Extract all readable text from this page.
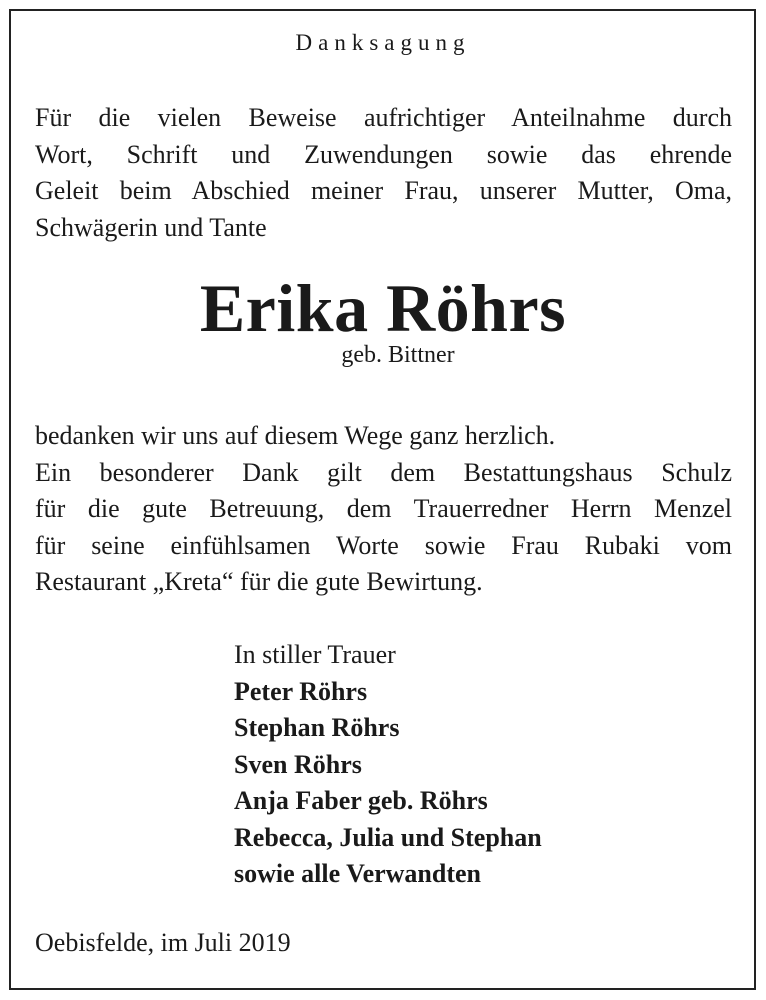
Danksagung
Für die vielen Beweise aufrichtiger Anteilnahme durch
Wort, Schrift und Zuwendungen sowie das ehrende
Geleit beim Abschied meiner Frau, unserer Mutter, Oma,
Schwägerin und Tante
Erika Röhrs
geb. Bittner
bedanken wir uns auf diesem Wege ganz herzlich.
Ein besonderer Dank gilt dem Bestattungshaus Schulz
für die gute Betreuung, dem Trauerredner Herrn Menzel
für seine einfühlsamen Worte sowie Frau Rubaki vom
Restaurant „Kreta“ für die gute Bewirtung.
In stiller Trauer
Peter Röhrs
Stephan Röhrs
Sven Röhrs
Anja Faber geb. Röhrs
Rebecca, Julia und Stephan
sowie alle Verwandten
Oebisfelde, im Juli 2019
